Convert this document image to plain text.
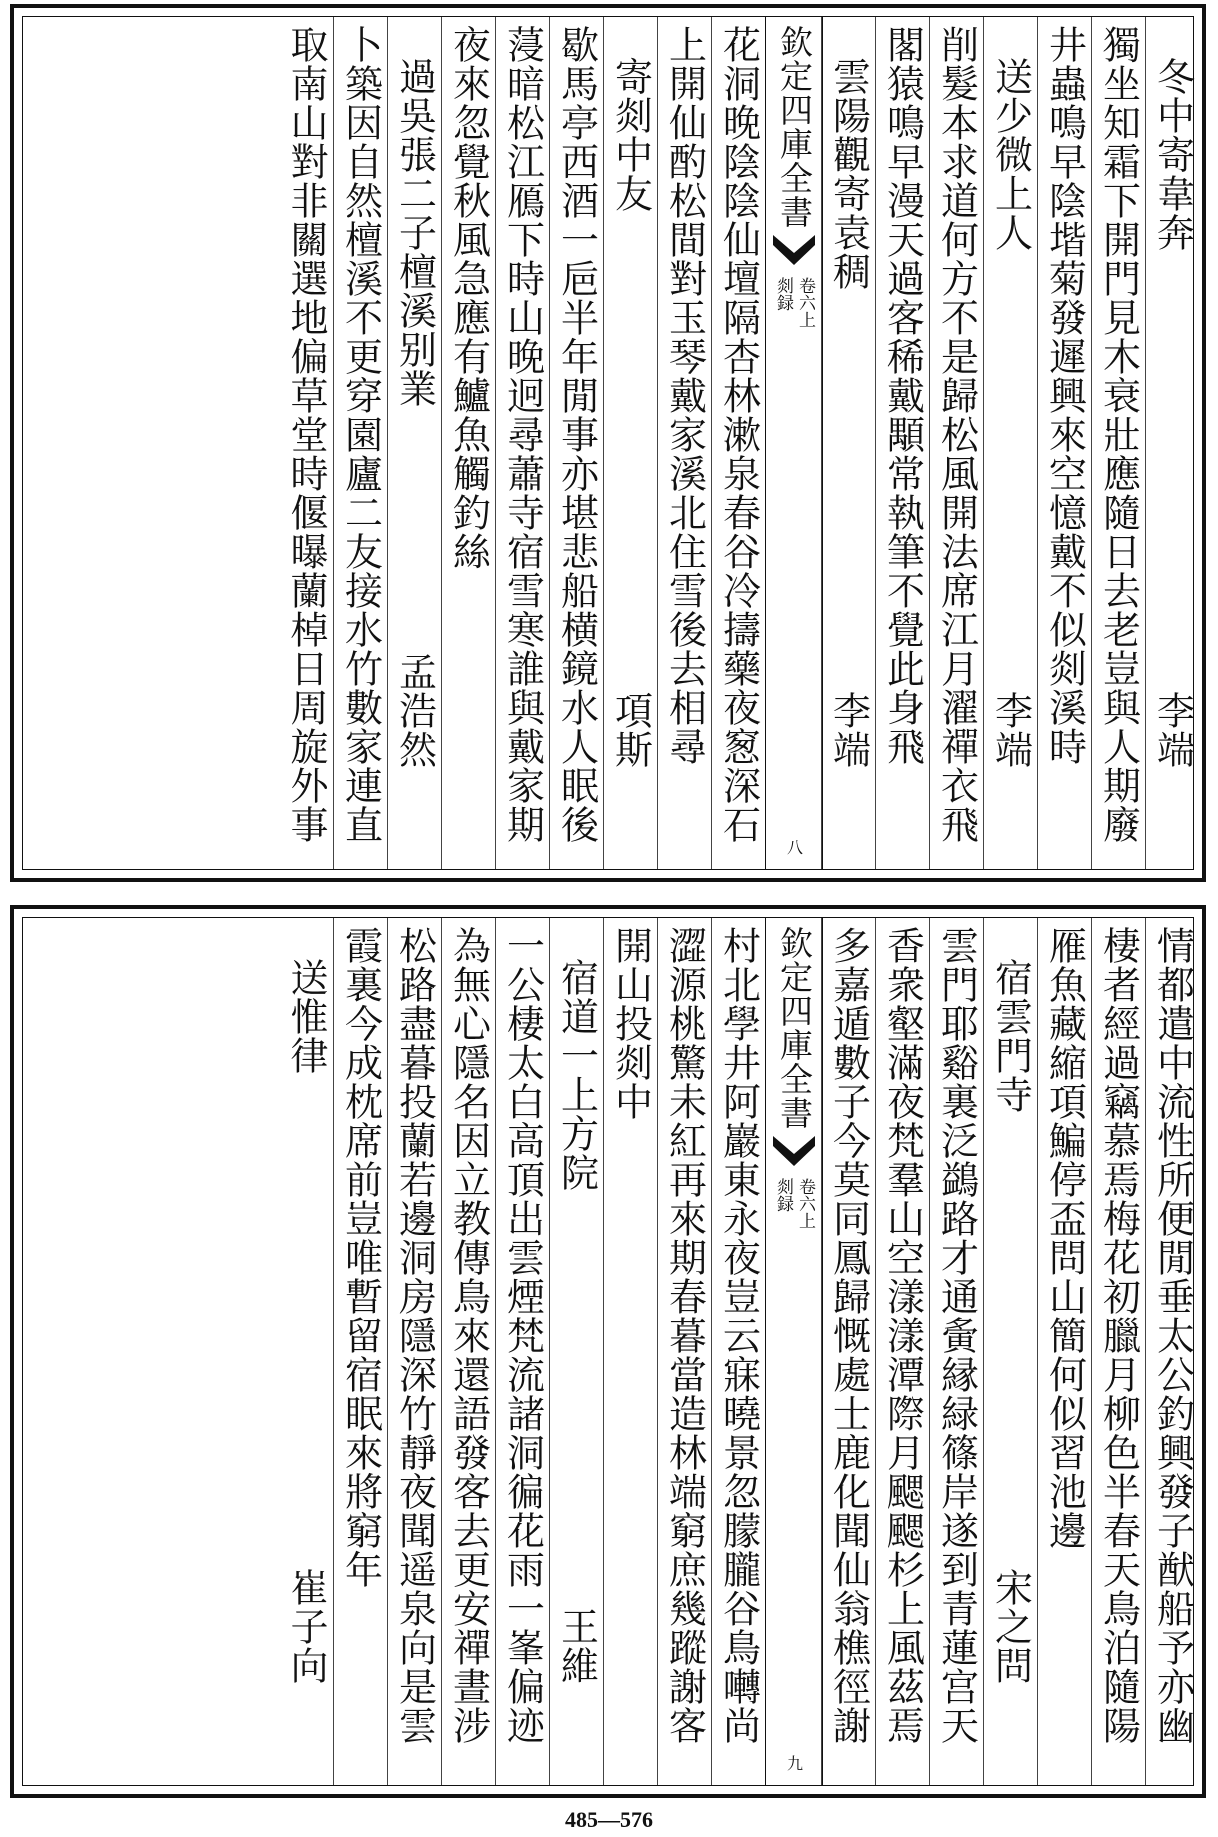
冬中寄韋奔
李端
獨坐知霜下開門見木衰壯應隨日去老豈與人期廢
井蟲鳴早陰堦菊發遲興來空憶戴不似剡溪時
送少微上人
李端
削髮本求道何方不是歸松風開法席江月濯禪衣飛
閣猿鳴早漫天過客稀戴顒常執筆不覺此身飛
雲陽觀寄袁稠
李端
欽定四庫全書
剡録 卷六上
八
花洞晚陰陰仙壇隔杏林漱泉春谷冷擣藥夜䆫深石
上開仙酌松間對玉琴戴家溪北住雪後去相尋
寄剡中友
項斯
歇馬亭西酒一巵半年閒事亦堪悲船横鏡水人眠後
蓡暗松江鴈下時山晚迥尋蕭寺宿雪寒誰與戴家期
夜來忽覺秋風急應有鱸魚觸釣絲
過吳張二子檀溪别業
孟浩然
卜築因自然檀溪不更穿園廬二友接水竹數家連直
取南山對非關選地偏草堂時偃曝蘭棹日周旋外事
情都遣中流性所便閒垂太公釣興發子猷船予亦幽
棲者經過竊慕焉梅花初臘月柳色半春天鳥泊隨陽
雁魚藏縮項鯿停盃問山簡何似習池邊
宿雲門寺
宋之問
雲門耶谿裏泛鷁路才通夤縁緑篠岸遂到青蓮宫天
香衆壑滿夜梵羣山空漾漾潭際月颸颸杉上風茲焉
多嘉遁數子今莫同鳳歸慨處士鹿化聞仙翁樵徑謝
欽定四庫全書
剡録 卷六上
九
村北學井阿巖東永夜豈云寐曉景忽朦朧谷鳥囀尚
澀源桃驚未紅再來期春暮當造林端窮庶幾蹤謝客
開山投剡中
宿道一上方院
王維
一公棲太白高頂出雲煙梵流諸洞徧花雨一峯偏迹
為無心隱名因立教傳鳥來還語發客去更安禪晝涉
松路盡暮投蘭若邊洞房隱深竹靜夜聞遥泉向是雲
霞裏今成枕席前豈唯暫留宿眠來將窮年
送惟律
崔子向
485—576
